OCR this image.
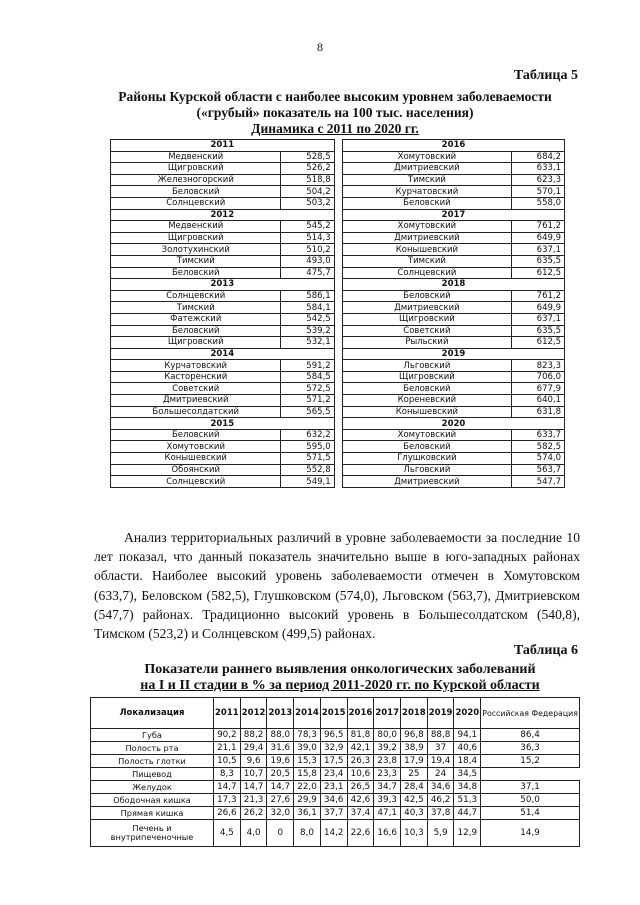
8
Таблица 5
Районы Курской области с наиболее высоким уровнем заболеваемости
(«грубый» показатель на 100 тыс. населения)
Динамика с 2011 по 2020 гг.
2011			2016	
Медвенский	528,5		Хомутовский	684,2
Щигровский	526,2		Дмитриевский	633,1
Железногорский	518,8		Тимский	623,3
Беловский	504,2		Курчатовский	570,1
Солнцевский	503,2		Беловский	558,0
2012			2017	
Медвенский	545,2		Хомутовский	761,2
Щигровский	514,3		Дмитриевский	649,9
Золотухинский	510,2		Конышевский	637,1
Тимский	493,0		Тимский	635,5
Беловский	475,7		Солнцевский	612,5
2013			2018	
Солнцевский	586,1		Беловский	761,2
Тимский	584,1		Дмитриевский	649,9
Фатежский	542,5		Щигровский	637,1
Беловский	539,2		Советский	635,5
Щигровский	532,1		Рыльский	612,5
2014			2019	
Курчатовский	591,2		Льговский	823,3
Касторенский	584,5		Щигровский	706,0
Советский	572,5		Беловский	677,9
Дмитриевский	571,2		Кореневский	640,1
Большесолдатский	565,5		Конышевский	631,8
2015			2020	
Беловский	632,2		Хомутовский	633,7
Хомутовский	595,0		Беловский	582,5
Конышевский	571,5		Глушковский	574,0
Обоянский	552,8		Льговский	563,7
Солнцевский	549,1		Дмитриевский	547,7

Анализ территориальных различий в уровне заболеваемости за последние 10 лет показал, что данный показатель значительно выше в юго-западных районах области. Наиболее высокий уровень заболеваемости отмечен в Хомутовском (633,7), Беловском (582,5), Глушковском (574,0), Льговском (563,7), Дмитриевском (547,7) районах. Традиционно высокий уровень в Большесолдатском (540,8), Тимском (523,2) и Солнцевском (499,5) районах.

Таблица 6
Показатели раннего выявления онкологических заболеваний
на I и II стадии в % за период 2011-2020 гг. по Курской области
Локализация	2011	2012	2013	2014	2015	2016	2017	2018	2019	2020	Российская Федерация
Губа	90,2	88,2	88,0	78,3	96,5	81,8	80,0	96,8	88,8	94,1	86,4
Полость рта	21,1	29,4	31,6	39,0	32,9	42,1	39,2	38,9	37	40,6	36,3
Полость глотки	10,5	9,6	19,6	15,3	17,5	26,3	23,8	17,9	19,4	18,4	15,2
Пищевод	8,3	10,7	20,5	15,8	23,4	10,6	23,3	25	24	34,5	
Желудок	14,7	14,7	14,7	22,0	23,1	26,5	34,7	28,4	34,6	34,8	37,1
Ободочная кишка	17,3	21,3	27,6	29,9	34,6	42,6	39,3	42,5	46,2	51,3	50,0
Прямая кишка	26,6	26,2	32,0	36,1	37,7	37,4	47,1	40,3	37,8	44,7	51,4
Печень и внутрипеченочные	4,5	4,0	0	8,0	14,2	22,6	16,6	10,3	5,9	12,9	14,9
